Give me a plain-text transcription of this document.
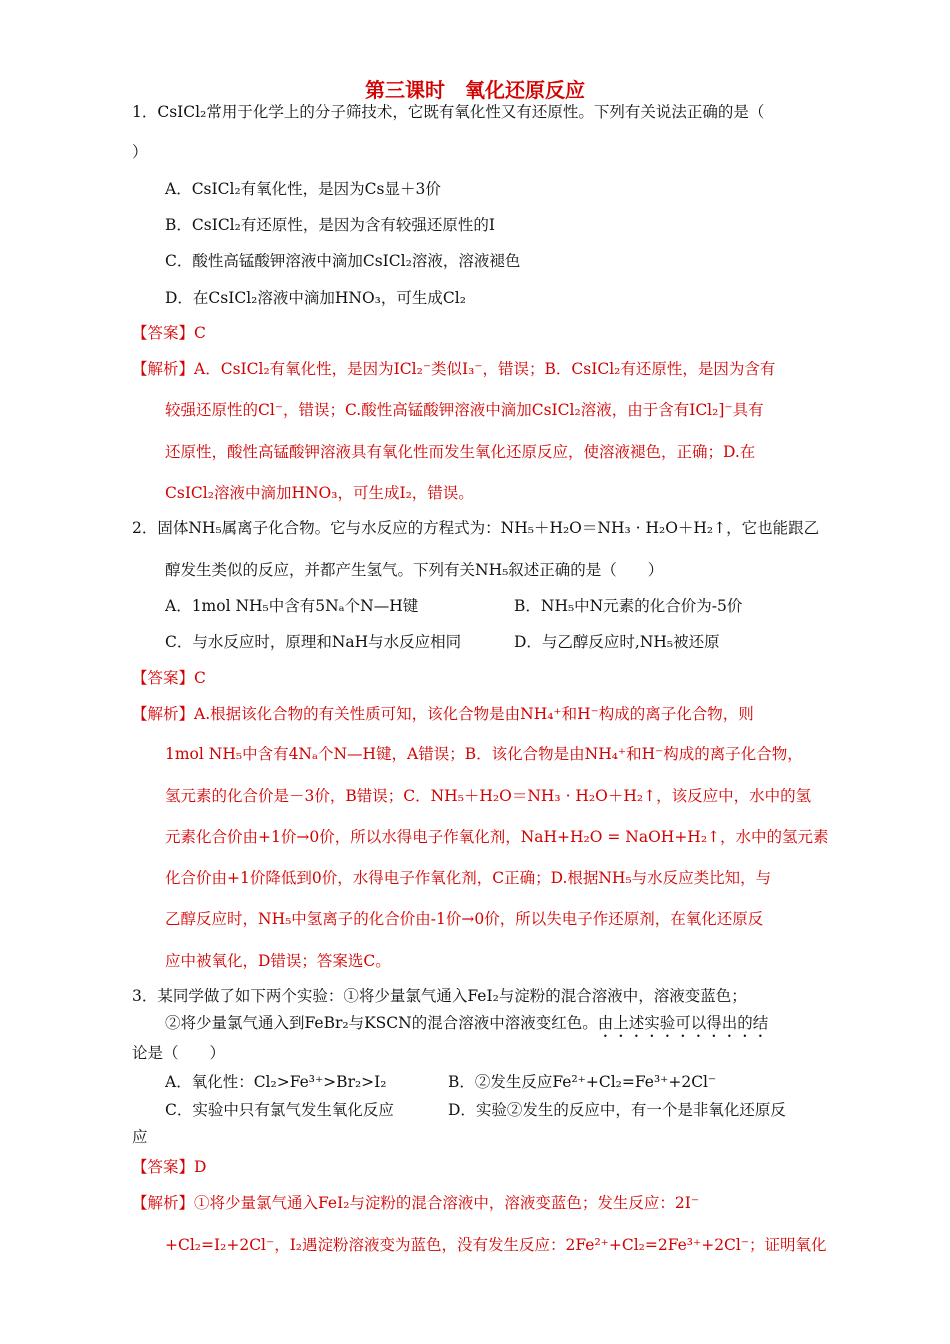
第三课时　氧化还原反应
1．CsICl₂常用于化学上的分子筛技术，它既有氧化性又有还原性。下列有关说法正确的是（
）
A．CsICl₂有氧化性，是因为Cs显＋3价
B．CsICl₂有还原性，是因为含有较强还原性的I
C．酸性高锰酸钾溶液中滴加CsICl₂溶液，溶液褪色
D．在CsICl₂溶液中滴加HNO₃，可生成Cl₂
【答案】C
【解析】A．CsICl₂有氧化性，是因为ICl₂⁻类似I₃⁻，错误；B．CsICl₂有还原性，是因为含有
较强还原性的Cl⁻，错误；C.酸性高锰酸钾溶液中滴加CsICl₂溶液，由于含有ICl₂]⁻具有
还原性，酸性高锰酸钾溶液具有氧化性而发生氧化还原反应，使溶液褪色，正确；D.在
CsICl₂溶液中滴加HNO₃，可生成I₂，错误。
2．固体NH₅属离子化合物。它与水反应的方程式为：NH₅＋H₂O＝NH₃ · H₂O＋H₂↑，它也能跟乙
醇发生类似的反应，并都产生氢气。下列有关NH₅叙述正确的是（　　）
A．1mol NH₅中含有5Nₐ个N—H键	B．NH₅中N元素的化合价为-5价
C．与水反应时，原理和NaH与水反应相同	D．与乙醇反应时,NH₅被还原
【答案】C
【解析】A.根据该化合物的有关性质可知，该化合物是由NH₄⁺和H⁻构成的离子化合物，则
1mol NH₅中含有4Nₐ个N—H键，A错误；B．该化合物是由NH₄⁺和H⁻构成的离子化合物，
氢元素的化合价是－3价，B错误；C．NH₅＋H₂O＝NH₃ · H₂O＋H₂↑，该反应中，水中的氢
元素化合价由+1价→0价，所以水得电子作氧化剂，NaH+H₂O = NaOH+H₂↑，水中的氢元素
化合价由+1价降低到0价，水得电子作氧化剂，C正确；D.根据NH₅与水反应类比知，与
乙醇反应时，NH₅中氢离子的化合价由-1价→0价，所以失电子作还原剂，在氧化还原反
应中被氧化，D错误；答案选C。
3．某同学做了如下两个实验：①将少量氯气通入FeI₂与淀粉的混合溶液中，溶液变蓝色；
②将少量氯气通入到FeBr₂与KSCN的混合溶液中溶液变红色。由上述实验可以得出的结
论是（　　）
A．氧化性：Cl₂>Fe³⁺>Br₂>I₂	B．②发生反应Fe²⁺+Cl₂=Fe³⁺+2Cl⁻
C．实验中只有氯气发生氧化反应	D．实验②发生的反应中，有一个是非氧化还原反
应
【答案】D
【解析】①将少量氯气通入FeI₂与淀粉的混合溶液中，溶液变蓝色；发生反应：2I⁻
+Cl₂=I₂+2Cl⁻，I₂遇淀粉溶液变为蓝色，没有发生反应：2Fe²⁺+Cl₂=2Fe³⁺+2Cl⁻；证明氧化
